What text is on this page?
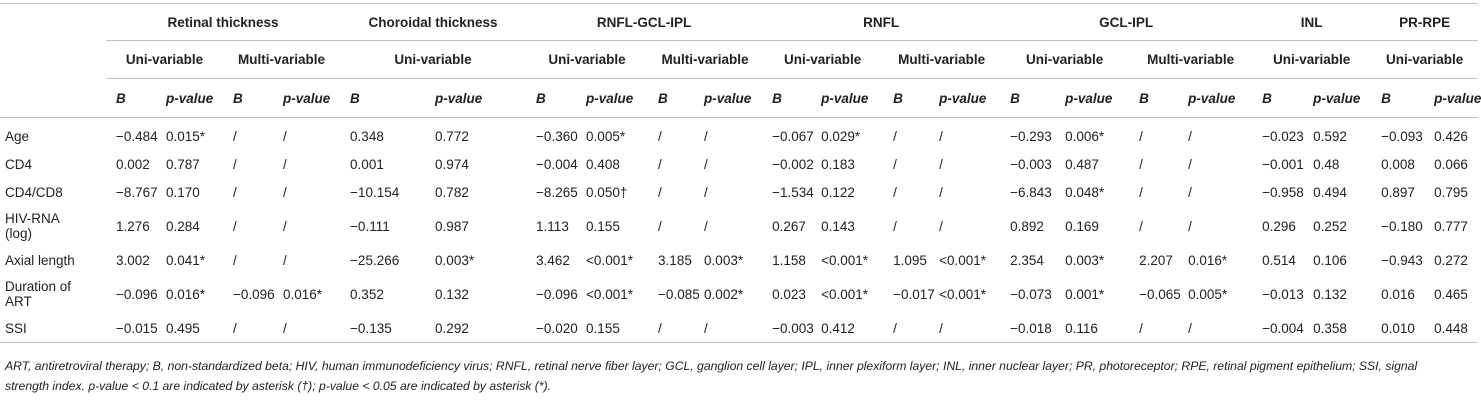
	Retinal thickness				Choroidal thickness		RNFL-GCL-IPL				RNFL				GCL-IPL				INL		PR-RPE	
	Uni-variable		Multi-variable		Uni-variable		Uni-variable		Multi-variable		Uni-variable		Multi-variable		Uni-variable		Multi-variable		Uni-variable		Uni-variable	
	B	p-value	B	p-value	B	p-value	B	p-value	B	p-value	B	p-value	B	p-value	B	p-value	B	p-value	B	p-value	B	p-value
Age	−0.484	0.015*	/	/	0.348	0.772	−0.360	0.005*	/	/	−0.067	0.029*	/	/	−0.293	0.006*	/	/	−0.023	0.592	−0.093	0.426
CD4	0.002	0.787	/	/	0.001	0.974	−0.004	0.408	/	/	−0.002	0.183	/	/	−0.003	0.487	/	/	−0.001	0.48	0.008	0.066
CD4/CD8	−8.767	0.170	/	/	−10.154	0.782	−8.265	0.050†	/	/	−1.534	0.122	/	/	−6.843	0.048*	/	/	−0.958	0.494	0.897	0.795
HIV-RNA
(log)	1.276	0.284	/	/	−0.111	0.987	1.113	0.155	/	/	0.267	0.143	/	/	0.892	0.169	/	/	0.296	0.252	−0.180	0.777
Axial length	3.002	0.041*	/	/	−25.266	0.003*	3.462	<0.001*	3.185	0.003*	1.158	<0.001*	1.095	<0.001*	2.354	0.003*	2.207	0.016*	0.514	0.106	−0.943	0.272
Duration of
ART	−0.096	0.016*	−0.096	0.016*	0.352	0.132	−0.096	<0.001*	−0.085	0.002*	0.023	<0.001*	−0.017	<0.001*	−0.073	0.001*	−0.065	0.005*	−0.013	0.132	0.016	0.465
SSI	−0.015	0.495	/	/	−0.135	0.292	−0.020	0.155	/	/	−0.003	0.412	/	/	−0.018	0.116	/	/	−0.004	0.358	0.010	0.448
ART, antiretroviral therapy; B, non-standardized beta; HIV, human immunodeficiency virus; RNFL, retinal nerve fiber layer; GCL, ganglion cell layer; IPL, inner plexiform layer; INL, inner nuclear layer; PR, photoreceptor; RPE, retinal pigment epithelium; SSI, signal strength index. p-value < 0.1 are indicated by asterisk (†); p-value < 0.05 are indicated by asterisk (*).
